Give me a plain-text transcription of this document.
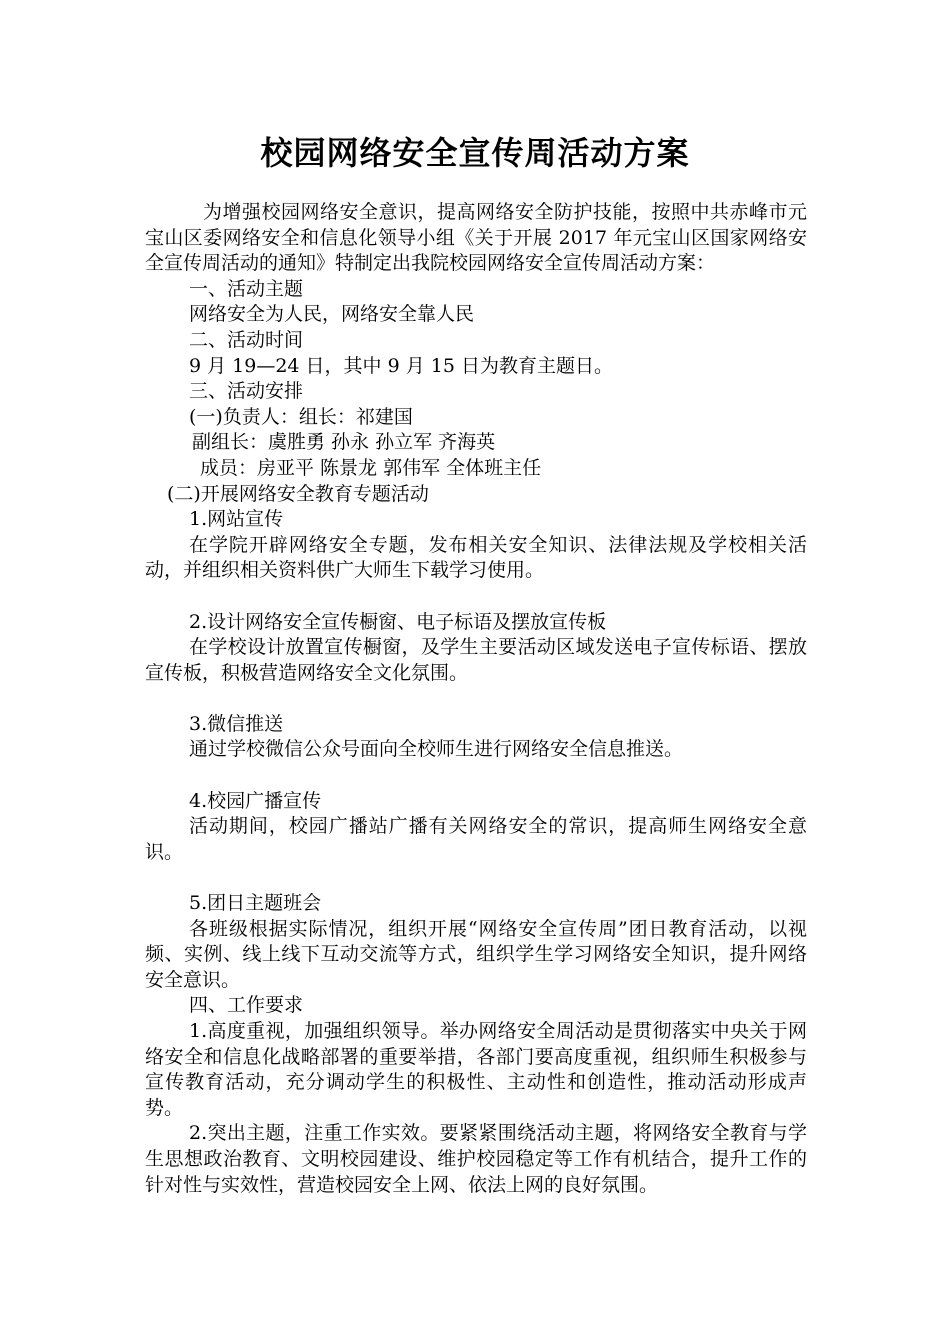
校园网络安全宣传周活动方案

为增强校园网络安全意识，提高网络安全防护技能，按照中共赤峰市元宝山区委网络安全和信息化领导小组《关于开展 2017 年元宝山区国家网络安全宣传周活动的通知》特制定出我院校园网络安全宣传周活动方案：

一、活动主题

网络安全为人民，网络安全靠人民

二、活动时间

9 月 19—24 日，其中 9 月 15 日为教育主题日。

三、活动安排

(一)负责人：组长：祁建国

副组长：虞胜勇 孙永 孙立军 齐海英

成员：房亚平 陈景龙 郭伟军 全体班主任

(二)开展网络安全教育专题活动

1.网站宣传

在学院开辟网络安全专题，发布相关安全知识、法律法规及学校相关活动，并组织相关资料供广大师生下载学习使用。

2.设计网络安全宣传橱窗、电子标语及摆放宣传板

在学校设计放置宣传橱窗，及学生主要活动区域发送电子宣传标语、摆放宣传板，积极营造网络安全文化氛围。

3.微信推送

通过学校微信公众号面向全校师生进行网络安全信息推送。

4.校园广播宣传

活动期间，校园广播站广播有关网络安全的常识，提高师生网络安全意识。

5.团日主题班会

各班级根据实际情况，组织开展“网络安全宣传周”团日教育活动，以视频、实例、线上线下互动交流等方式，组织学生学习网络安全知识，提升网络安全意识。

四、工作要求

1.高度重视，加强组织领导。举办网络安全周活动是贯彻落实中央关于网络安全和信息化战略部署的重要举措，各部门要高度重视，组织师生积极参与宣传教育活动，充分调动学生的积极性、主动性和创造性，推动活动形成声势。

2.突出主题，注重工作实效。要紧紧围绕活动主题，将网络安全教育与学生思想政治教育、文明校园建设、维护校园稳定等工作有机结合，提升工作的针对性与实效性，营造校园安全上网、依法上网的良好氛围。
